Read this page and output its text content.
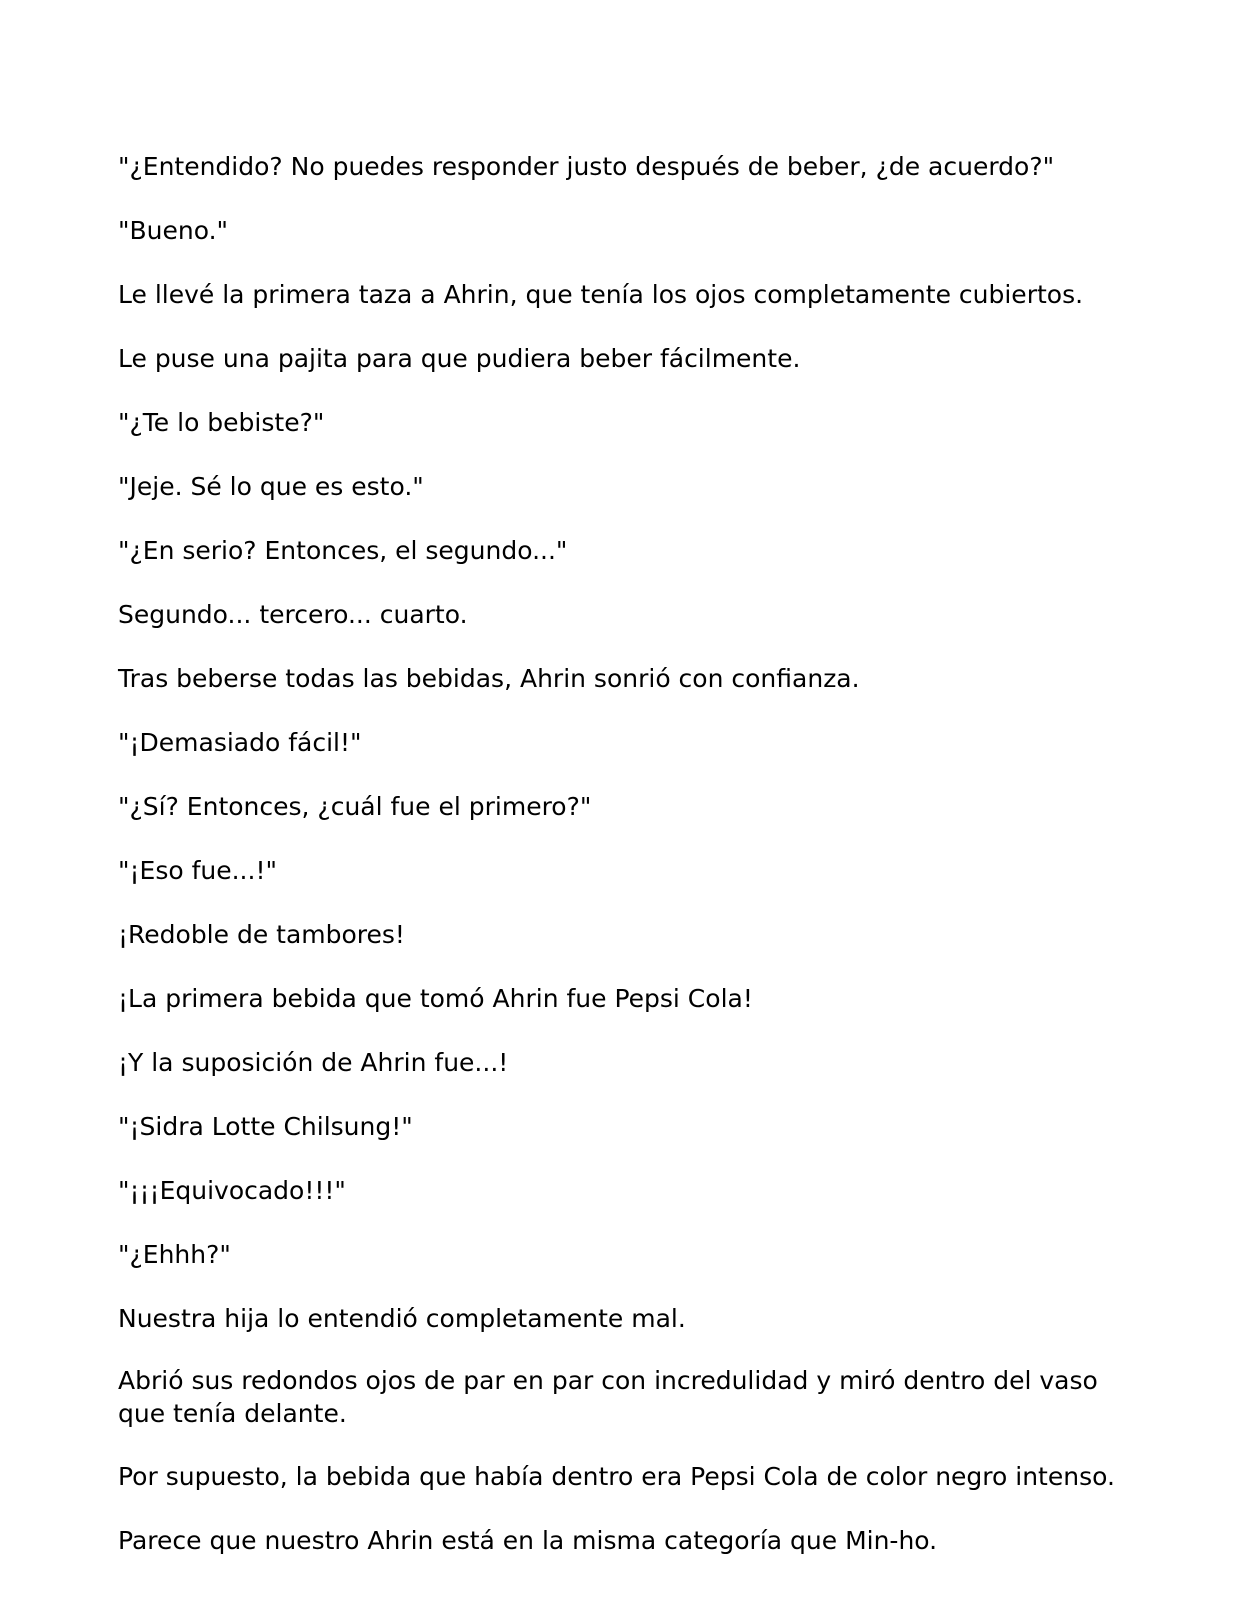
"¿Entendido? No puedes responder justo después de beber, ¿de acuerdo?"

"Bueno."

Le llevé la primera taza a Ahrin, que tenía los ojos completamente cubiertos.

Le puse una pajita para que pudiera beber fácilmente.

"¿Te lo bebiste?"

"Jeje. Sé lo que es esto."

"¿En serio? Entonces, el segundo..."

Segundo... tercero... cuarto.

Tras beberse todas las bebidas, Ahrin sonrió con confianza.

"¡Demasiado fácil!"

"¿Sí? Entonces, ¿cuál fue el primero?"

"¡Eso fue...!"

¡Redoble de tambores!

¡La primera bebida que tomó Ahrin fue Pepsi Cola!

¡Y la suposición de Ahrin fue...!

"¡Sidra Lotte Chilsung!"

"¡¡¡Equivocado!!!"

"¿Ehhh?"

Nuestra hija lo entendió completamente mal.

Abrió sus redondos ojos de par en par con incredulidad y miró dentro del vaso que tenía delante.

Por supuesto, la bebida que había dentro era Pepsi Cola de color negro intenso.

Parece que nuestro Ahrin está en la misma categoría que Min-ho.
